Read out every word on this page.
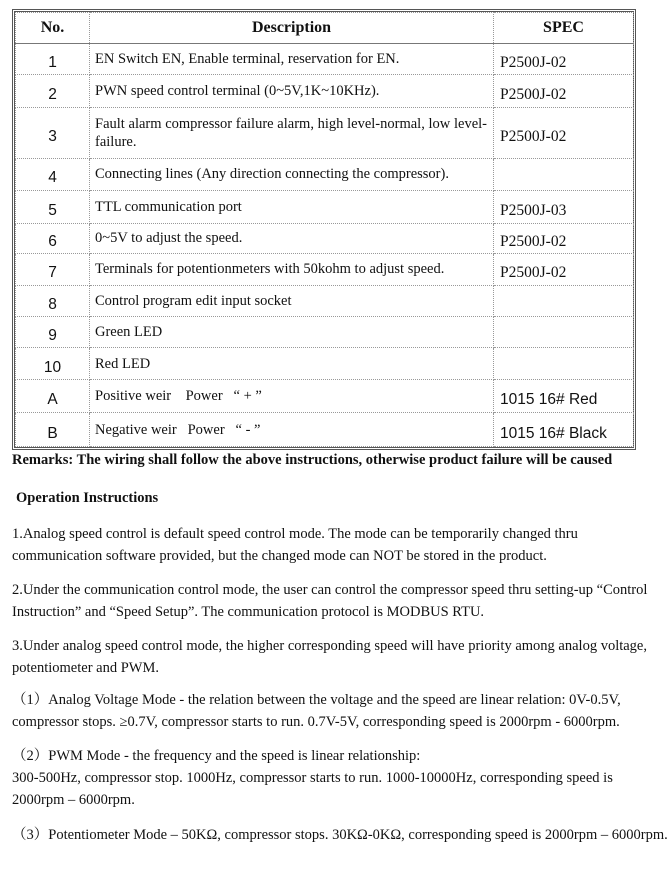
No.	Description	SPEC
1	EN Switch EN, Enable terminal, reservation for EN.	P2500J-02
2	PWN speed control terminal (0~5V,1K~10KHz).	P2500J-02
3	Fault alarm compressor failure alarm, high level-normal, low level-failure.	P2500J-02
4	Connecting lines (Any direction connecting the compressor).	
5	TTL communication port	P2500J-03
6	0~5V to adjust the speed.	P2500J-02
7	Terminals for potentionmeters with 50kohm to adjust speed.	P2500J-02
8	Control program edit input socket	
9	Green LED	
10	Red LED	
A	Positive weir    Power   “ + ”	1015 16# Red
B	Negative weir   Power   “ - ”	1015 16# Black
Remarks: The wiring shall follow the above instructions, otherwise product failure will be caused
Operation Instructions
1.Analog speed control is default speed control mode. The mode can be temporarily changed thru communication software provided, but the changed mode can NOT be stored in the product.
2.Under the communication control mode, the user can control the compressor speed thru setting-up “Control Instruction” and “Speed Setup”. The communication protocol is MODBUS RTU.
3.Under analog speed control mode, the higher corresponding speed will have priority among analog voltage, potentiometer and PWM.
（1）Analog Voltage Mode - the relation between the voltage and the speed are linear relation: 0V-0.5V, compressor stops. ≥0.7V, compressor starts to run. 0.7V-5V, corresponding speed is 2000rpm - 6000rpm.
（2）PWM Mode - the frequency and the speed is linear relationship:
300-500Hz, compressor stop. 1000Hz, compressor starts to run. 1000-10000Hz, corresponding speed is 2000rpm – 6000rpm.
（3）Potentiometer Mode – 50KΩ, compressor stops. 30KΩ-0KΩ, corresponding speed is 2000rpm – 6000rpm.
